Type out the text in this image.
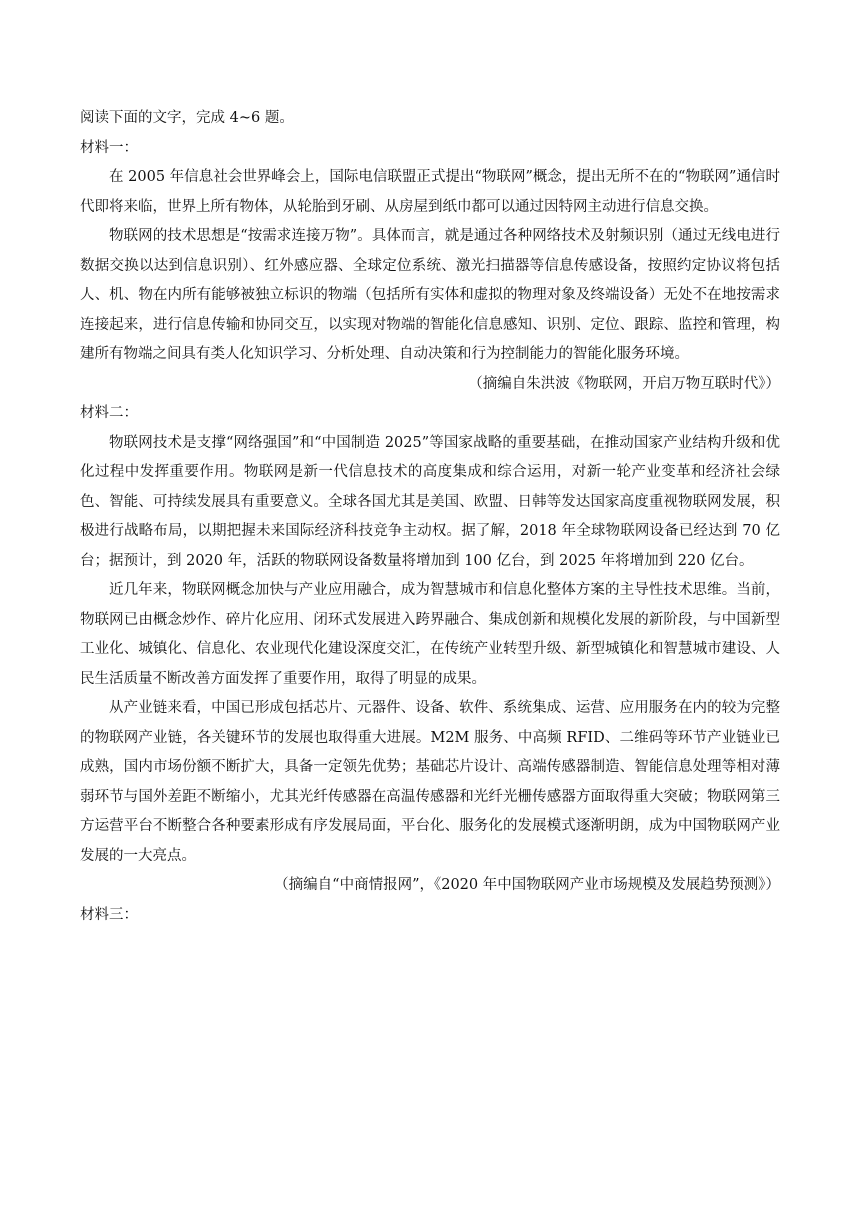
阅读下面的文字，完成 4~6 题。

材料一：

在 2005 年信息社会世界峰会上，国际电信联盟正式提出“物联网”概念，提出无所不在的“物联网”通信时代即将来临，世界上所有物体，从轮胎到牙刷、从房屋到纸巾都可以通过因特网主动进行信息交换。

物联网的技术思想是“按需求连接万物”。具体而言，就是通过各种网络技术及射频识别（通过无线电进行数据交换以达到信息识别）、红外感应器、全球定位系统、激光扫描器等信息传感设备，按照约定协议将包括人、机、物在内所有能够被独立标识的物端（包括所有实体和虚拟的物理对象及终端设备）无处不在地按需求连接起来，进行信息传输和协同交互，以实现对物端的智能化信息感知、识别、定位、跟踪、监控和管理，构建所有物端之间具有类人化知识学习、分析处理、自动决策和行为控制能力的智能化服务环境。

（摘编自朱洪波《物联网，开启万物互联时代》）

材料二：

物联网技术是支撑“网络强国”和“中国制造 2025”等国家战略的重要基础，在推动国家产业结构升级和优化过程中发挥重要作用。物联网是新一代信息技术的高度集成和综合运用，对新一轮产业变革和经济社会绿色、智能、可持续发展具有重要意义。全球各国尤其是美国、欧盟、日韩等发达国家高度重视物联网发展，积极进行战略布局，以期把握未来国际经济科技竞争主动权。据了解，2018 年全球物联网设备已经达到 70 亿台；据预计，到 2020 年，活跃的物联网设备数量将增加到 100 亿台，到 2025 年将增加到 220 亿台。

近几年来，物联网概念加快与产业应用融合，成为智慧城市和信息化整体方案的主导性技术思维。当前，物联网已由概念炒作、碎片化应用、闭环式发展进入跨界融合、集成创新和规模化发展的新阶段，与中国新型工业化、城镇化、信息化、农业现代化建设深度交汇，在传统产业转型升级、新型城镇化和智慧城市建设、人民生活质量不断改善方面发挥了重要作用，取得了明显的成果。

从产业链来看，中国已形成包括芯片、元器件、设备、软件、系统集成、运营、应用服务在内的较为完整的物联网产业链，各关键环节的发展也取得重大进展。M2M 服务、中高频 RFID、二维码等环节产业链业已成熟，国内市场份额不断扩大，具备一定领先优势；基础芯片设计、高端传感器制造、智能信息处理等相对薄弱环节与国外差距不断缩小，尤其光纤传感器在高温传感器和光纤光栅传感器方面取得重大突破；物联网第三方运营平台不断整合各种要素形成有序发展局面，平台化、服务化的发展模式逐渐明朗，成为中国物联网产业发展的一大亮点。

（摘编自“中商情报网”，《2020 年中国物联网产业市场规模及发展趋势预测》）

材料三：
